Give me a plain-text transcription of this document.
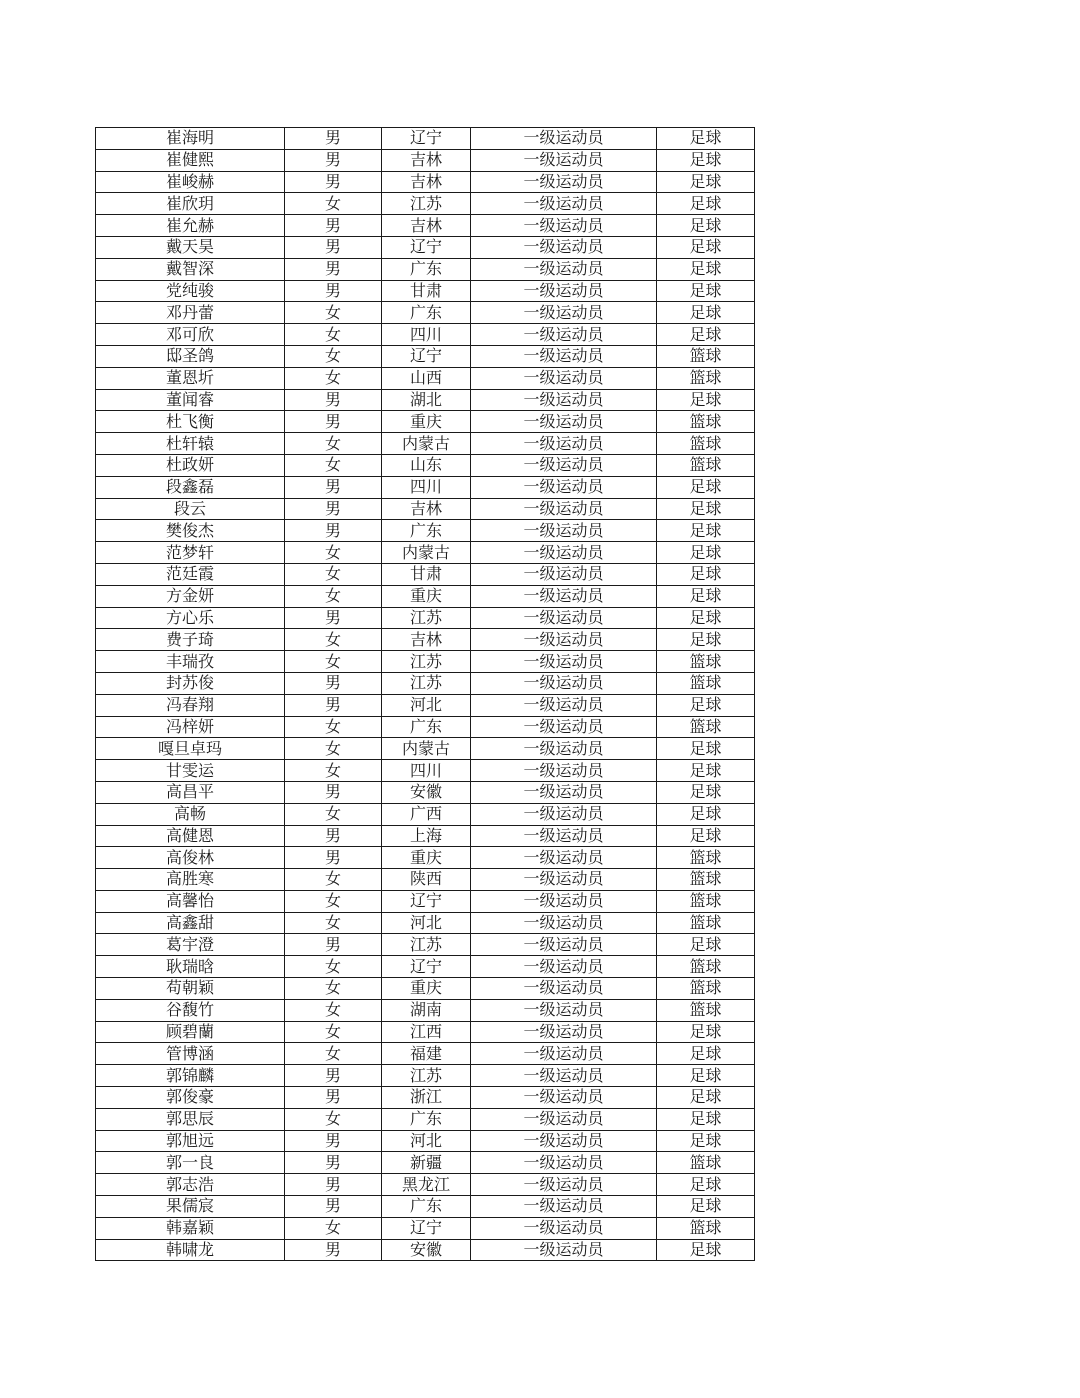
崔海明	男	辽宁	一级运动员	足球
崔健熙	男	吉林	一级运动员	足球
崔峻赫	男	吉林	一级运动员	足球
崔欣玥	女	江苏	一级运动员	足球
崔允赫	男	吉林	一级运动员	足球
戴天昊	男	辽宁	一级运动员	足球
戴智深	男	广东	一级运动员	足球
党纯骏	男	甘肃	一级运动员	足球
邓丹蕾	女	广东	一级运动员	足球
邓可欣	女	四川	一级运动员	足球
邸圣鸽	女	辽宁	一级运动员	篮球
董恩圻	女	山西	一级运动员	篮球
董闻睿	男	湖北	一级运动员	足球
杜飞衡	男	重庆	一级运动员	篮球
杜轩辕	女	内蒙古	一级运动员	篮球
杜政妍	女	山东	一级运动员	篮球
段鑫磊	男	四川	一级运动员	足球
段云	男	吉林	一级运动员	足球
樊俊杰	男	广东	一级运动员	足球
范梦轩	女	内蒙古	一级运动员	足球
范廷霞	女	甘肃	一级运动员	足球
方金妍	女	重庆	一级运动员	足球
方心乐	男	江苏	一级运动员	足球
费子琦	女	吉林	一级运动员	足球
丰瑞孜	女	江苏	一级运动员	篮球
封苏俊	男	江苏	一级运动员	篮球
冯春翔	男	河北	一级运动员	足球
冯梓妍	女	广东	一级运动员	篮球
嘎旦卓玛	女	内蒙古	一级运动员	足球
甘雯运	女	四川	一级运动员	足球
高昌平	男	安徽	一级运动员	足球
高畅	女	广西	一级运动员	足球
高健恩	男	上海	一级运动员	足球
高俊林	男	重庆	一级运动员	篮球
高胜寒	女	陕西	一级运动员	篮球
高馨怡	女	辽宁	一级运动员	篮球
高鑫甜	女	河北	一级运动员	篮球
葛宇澄	男	江苏	一级运动员	足球
耿瑞晗	女	辽宁	一级运动员	篮球
苟朝颖	女	重庆	一级运动员	篮球
谷馥竹	女	湖南	一级运动员	篮球
顾碧蘭	女	江西	一级运动员	足球
管博涵	女	福建	一级运动员	足球
郭锦麟	男	江苏	一级运动员	足球
郭俊豪	男	浙江	一级运动员	足球
郭思辰	女	广东	一级运动员	足球
郭旭远	男	河北	一级运动员	足球
郭一良	男	新疆	一级运动员	篮球
郭志浩	男	黑龙江	一级运动员	足球
果儒宸	男	广东	一级运动员	足球
韩嘉颖	女	辽宁	一级运动员	篮球
韩啸龙	男	安徽	一级运动员	足球
